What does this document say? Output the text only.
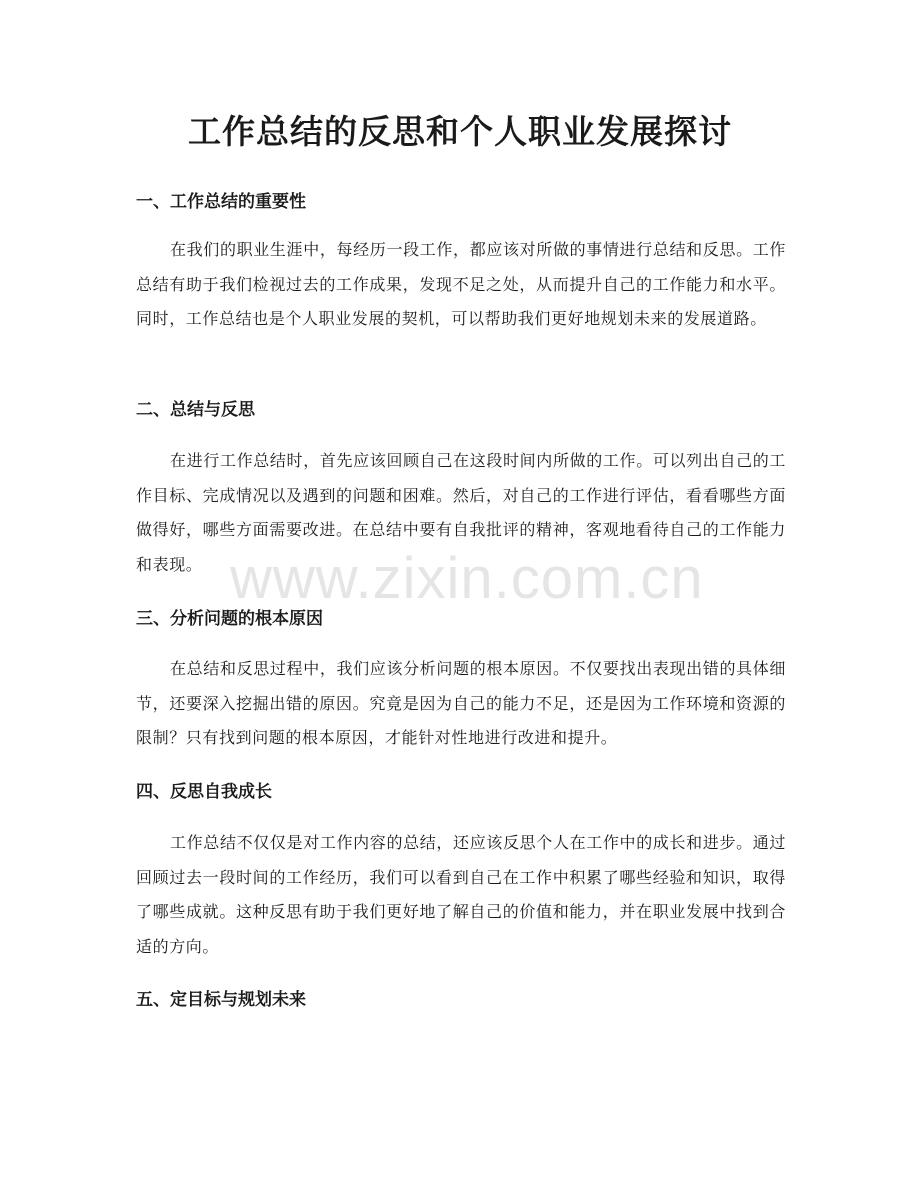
工作总结的反思和个人职业发展探讨
一、工作总结的重要性

在我们的职业生涯中，每经历一段工作，都应该对所做的事情进行总结和反思。工作总结有助于我们检视过去的工作成果，发现不足之处，从而提升自己的工作能力和水平。同时，工作总结也是个人职业发展的契机，可以帮助我们更好地规划未来的发展道路。

二、总结与反思

在进行工作总结时，首先应该回顾自己在这段时间内所做的工作。可以列出自己的工作目标、完成情况以及遇到的问题和困难。然后，对自己的工作进行评估，看看哪些方面做得好，哪些方面需要改进。在总结中要有自我批评的精神，客观地看待自己的工作能力和表现。

三、分析问题的根本原因

在总结和反思过程中，我们应该分析问题的根本原因。不仅要找出表现出错的具体细节，还要深入挖掘出错的原因。究竟是因为自己的能力不足，还是因为工作环境和资源的限制？只有找到问题的根本原因，才能针对性地进行改进和提升。

四、反思自我成长

工作总结不仅仅是对工作内容的总结，还应该反思个人在工作中的成长和进步。通过回顾过去一段时间的工作经历，我们可以看到自己在工作中积累了哪些经验和知识，取得了哪些成就。这种反思有助于我们更好地了解自己的价值和能力，并在职业发展中找到合适的方向。

五、定目标与规划未来
www.zixin.com.cn
